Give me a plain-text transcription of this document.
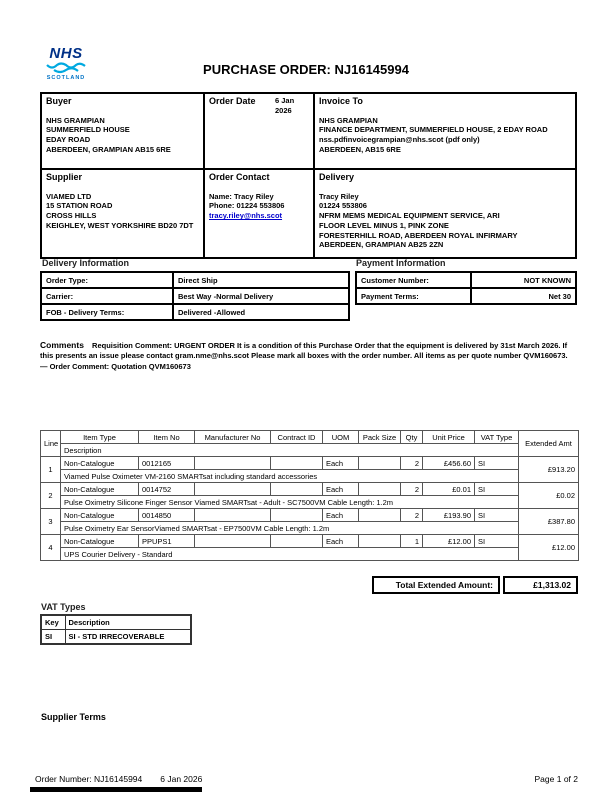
NHS
SCOTLAND
PURCHASE ORDER: NJ16145994
Buyer
NHS GRAMPIAN
SUMMERFIELD HOUSE
EDAY ROAD
ABERDEEN, GRAMPIAN AB15 6RE

Order Date	6 Jan 2026

Invoice To
NHS GRAMPIAN
FINANCE DEPARTMENT, SUMMERFIELD HOUSE, 2 EDAY ROAD
nss.pdfinvoicegrampian@nhs.scot (pdf only)
ABERDEEN, AB15 6RE

Supplier
VIAMED LTD
15 STATION ROAD
CROSS HILLS
KEIGHLEY, WEST YORKSHIRE BD20 7DT

Order Contact
Name: Tracy Riley
Phone: 01224 553806
tracy.riley@nhs.scot

Delivery
Tracy Riley
01224 553806
NFRM MEMS MEDICAL EQUIPMENT SERVICE, ARI
FLOOR LEVEL MINUS 1, PINK ZONE
FORESTERHILL ROAD, ABERDEEN ROYAL INFIRMARY
ABERDEEN, GRAMPIAN AB25 2ZN
Delivery Information
Order Type:	Direct Ship
Carrier:	Best Way -Normal Delivery
FOB - Delivery Terms:	Delivered -Allowed
Payment Information
Customer Number:	NOT KNOWN
Payment Terms:	Net 30
Comments Requisition Comment: URGENT ORDER It is a condition of this Purchase Order that the equipment is delivered by 31st March 2026. If this presents an issue please contact gram.nme@nhs.scot Please mark all boxes with the order number. All items as per quote number QVM160673. — Order Comment: Quotation QVM160673
Line	Item Type	Item No	Manufacturer No	Contract ID	UOM	Pack Size	Qty	Unit Price	VAT Type	Extended Amt
	Description									
1	Non-Catalogue	0012165			Each		2	£456.60	SI	£913.20
	Viamed Pulse Oximeter VM-2160 SMARTsat including standard accessories									
2	Non-Catalogue	0014752			Each		2	£0.01	SI	£0.02
	Pulse Oximetry Silicone Finger Sensor Viamed SMARTsat - Adult - SC7500VM Cable Length: 1.2m									
3	Non-Catalogue	0014850			Each		2	£193.90	SI	£387.80
	Pulse Oximetry Ear SensorViamed SMARTsat - EP7500VM Cable Length: 1.2m									
4	Non-Catalogue	PPUPS1			Each		1	£12.00	SI	£12.00
	UPS Courier Delivery - Standard									
Total Extended Amount:	£1,313.02
VAT Types
Key	Description
SI	SI - STD IRRECOVERABLE
Supplier Terms
Order Number: NJ16145994 6 Jan 2026	Page 1 of 2
